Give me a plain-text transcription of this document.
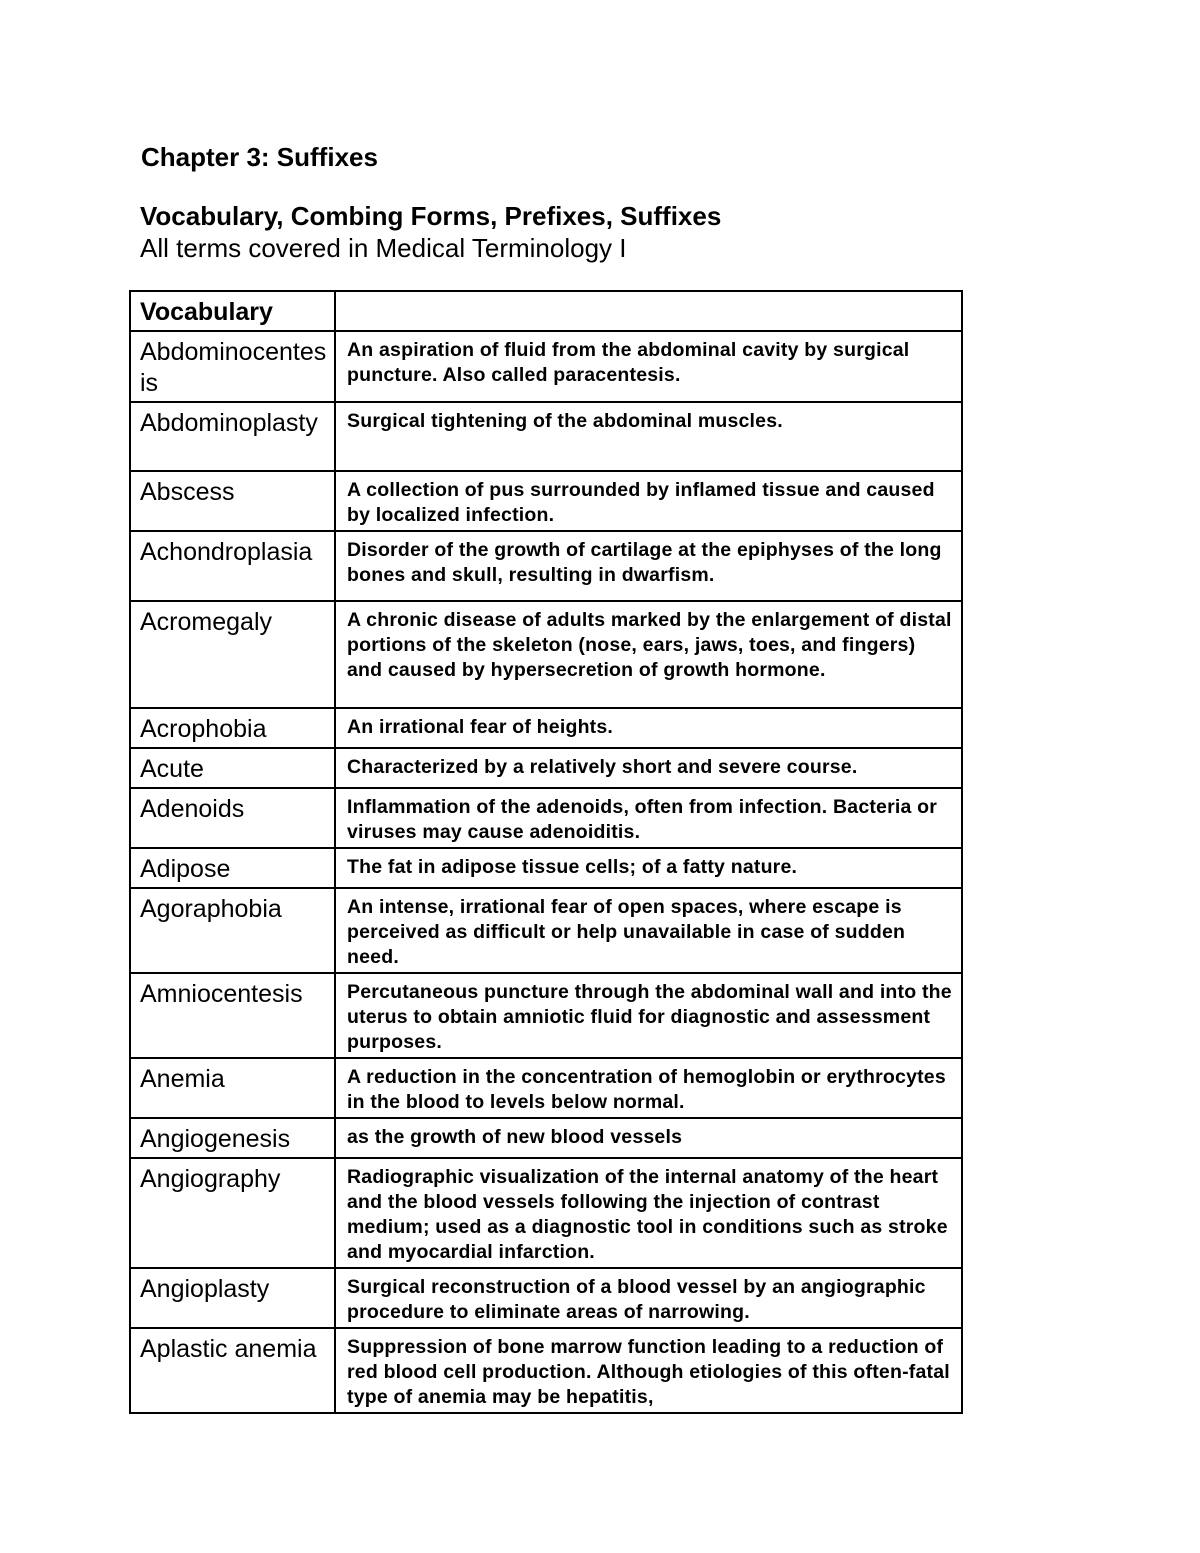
Chapter 3: Suffixes
Vocabulary, Combing Forms, Prefixes, Suffixes
All terms covered in Medical Terminology I
Vocabulary	

Abdominocentesis	An aspiration of fluid from the abdominal cavity by surgical puncture. Also called paracentesis.

Abdominoplasty	Surgical tightening of the abdominal muscles.

Abscess	A collection of pus surrounded by inflamed tissue and caused by localized infection.

Achondroplasia	Disorder of the growth of cartilage at the epiphyses of the long bones and skull, resulting in dwarfism.

Acromegaly	A chronic disease of adults marked by the enlargement of distal portions of the skeleton (nose, ears, jaws, toes, and fingers) and caused by hypersecretion of growth hormone.

Acrophobia	An irrational fear of heights.

Acute	Characterized by a relatively short and severe course.

Adenoids	Inflammation of the adenoids, often from infection. Bacteria or viruses may cause adenoiditis.

Adipose	The fat in adipose tissue cells; of a fatty nature.

Agoraphobia	An intense, irrational fear of open spaces, where escape is perceived as difficult or help unavailable in case of sudden need.

Amniocentesis	Percutaneous puncture through the abdominal wall and into the uterus to obtain amniotic fluid for diagnostic and assessment purposes.

Anemia	A reduction in the concentration of hemoglobin or erythrocytes in the blood to levels below normal.

Angiogenesis	as the growth of new blood vessels

Angiography	Radiographic visualization of the internal anatomy of the heart and the blood vessels following the injection of contrast medium; used as a diagnostic tool in conditions such as stroke and myocardial infarction.

Angioplasty	Surgical reconstruction of a blood vessel by an angiographic procedure to eliminate areas of narrowing.

Aplastic anemia	Suppression of bone marrow function leading to a reduction of red blood cell production. Although etiologies of this often-fatal type of anemia may be hepatitis,
